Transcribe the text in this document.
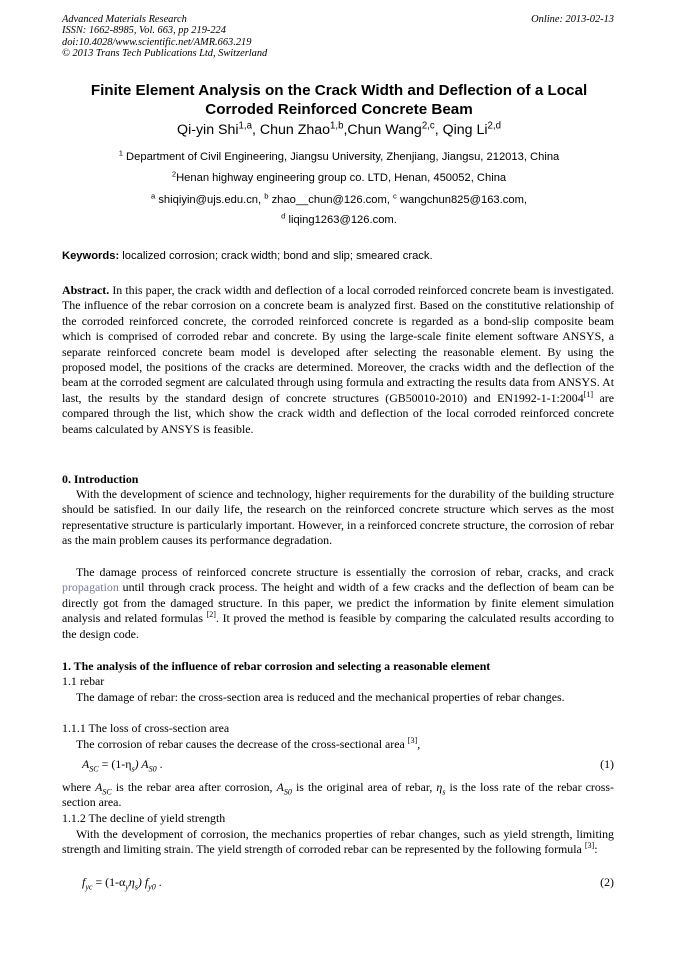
Advanced Materials Research
ISSN: 1662-8985, Vol. 663, pp 219-224
doi:10.4028/www.scientific.net/AMR.663.219
© 2013 Trans Tech Publications Ltd, Switzerland
Online: 2013-02-13
Finite Element Analysis on the Crack Width and Deflection of a Local
Corroded Reinforced Concrete Beam
Qi-yin Shi$^{1,a}$, Chun Zhao$^{1,b}$,Chun Wang$^{2,c}$, Qing Li$^{2,d}$
$^1$ Department of Civil Engineering, Jiangsu University, Zhenjiang, Jiangsu, 212013, China
$^2$Henan highway engineering group co. LTD, Henan, 450052, China
$^a$ shiqiyin@ujs.edu.cn, $^b$ zhao__chun@126.com, $^c$ wangchun825@163.com,
$^d$ liqing1263@126.com.
Keywords: localized corrosion; crack width; bond and slip; smeared crack.
Abstract. In this paper, the crack width and deflection of a local corroded reinforced concrete beam is investigated. The influence of the rebar corrosion on a concrete beam is analyzed first. Based on the constitutive relationship of the corroded reinforced concrete, the corroded reinforced concrete is regarded as a bond-slip composite beam which is comprised of corroded rebar and concrete. By using the large-scale finite element software ANSYS, a separate reinforced concrete beam model is developed after selecting the reasonable element. By using the proposed model, the positions of the cracks are determined. Moreover, the cracks width and the deflection of the beam at the corroded segment are calculated through using formula and extracting the results data from ANSYS. At last, the results by the standard design of concrete structures (GB50010-2010) and EN1992-1-1:2004[1] are compared through the list, which show the crack width and deflection of the local corroded reinforced concrete beams calculated by ANSYS is feasible.
0. Introduction
With the development of science and technology, higher requirements for the durability of the building structure should be satisfied. In our daily life, the research on the reinforced concrete structure which serves as the most representative structure is particularly important. However, in a reinforced concrete structure, the corrosion of rebar as the main problem causes its performance degradation.
The damage process of reinforced concrete structure is essentially the corrosion of rebar, cracks, and crack propagation until through crack process. The height and width of a few cracks and the deflection of beam can be directly got from the damaged structure. In this paper, we predict the information by finite element simulation analysis and related formulas [2]. It proved the method is feasible by comparing the calculated results according to the design code.
1. The analysis of the influence of rebar corrosion and selecting a reasonable element
1.1 rebar
The damage of rebar: the cross-section area is reduced and the mechanical properties of rebar changes.
1.1.1 The loss of cross-section area
The corrosion of rebar causes the decrease of the cross-sectional area [3],
$A_{SC} = (1-\eta_s)$ $A_{S0}$ .	(1)
where $A_{SC}$ is the rebar area after corrosion, $A_{S0}$ is the original area of rebar, $\eta_s$ is the loss rate of the rebar cross-section area.
1.1.2 The decline of yield strength
With the development of corrosion, the mechanics properties of rebar changes, such as yield strength, limiting strength and limiting strain. The yield strength of corroded rebar can be represented by the following formula [3]:
$f_{yc} = (1-\alpha_y\eta_s)$ $f_{y0}$ .	(2)
